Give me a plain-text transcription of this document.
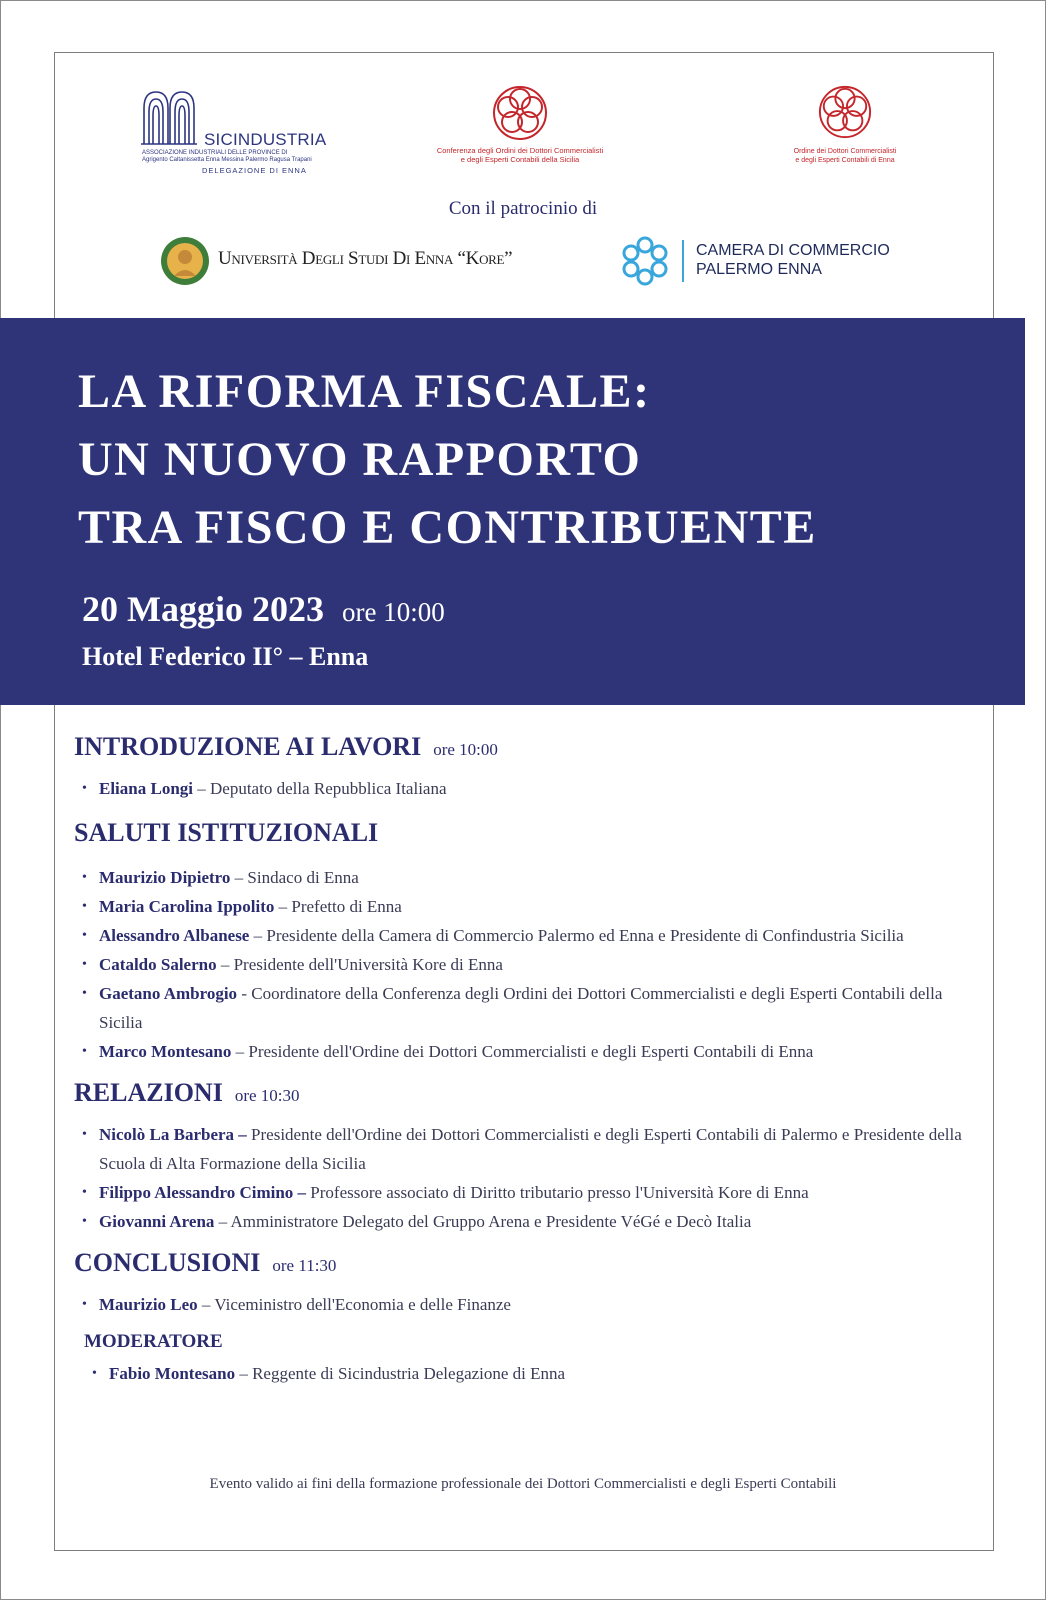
SICINDUSTRIA
ASSOCIAZIONE INDUSTRIALI DELLE PROVINCE DI
Agrigento Caltanissetta Enna Messina Palermo Ragusa Trapani
DELEGAZIONE DI ENNA
Conferenza degli Ordini dei Dottori Commercialisti
e degli Esperti Contabili della Sicilia
Ordine dei Dottori Commercialisti
e degli Esperti Contabili di Enna
Con il patrocinio di
Università Degli Studi Di Enna “Kore”	CAMERA DI COMMERCIO
PALERMO ENNA
LA RIFORMA FISCALE:
UN NUOVO RAPPORTO
TRA FISCO E CONTRIBUENTE
20 Maggio 2023 ore 10:00
Hotel Federico II° – Enna
INTRODUZIONE AI LAVORI ore 10:00
• Eliana Longi – Deputato della Repubblica Italiana
SALUTI ISTITUZIONALI
• Maurizio Dipietro – Sindaco di Enna
• Maria Carolina Ippolito – Prefetto di Enna
• Alessandro Albanese – Presidente della Camera di Commercio Palermo ed Enna e Presidente di Confindustria Sicilia
• Cataldo Salerno – Presidente dell'Università Kore di Enna
• Gaetano Ambrogio - Coordinatore della Conferenza degli Ordini dei Dottori Commercialisti e degli Esperti Contabili della Sicilia
• Marco Montesano – Presidente dell'Ordine dei Dottori Commercialisti e degli Esperti Contabili di Enna
RELAZIONI ore 10:30
• Nicolò La Barbera – Presidente dell'Ordine dei Dottori Commercialisti e degli Esperti Contabili di Palermo e Presidente della Scuola di Alta Formazione della Sicilia
• Filippo Alessandro Cimino – Professore associato di Diritto tributario presso l'Università Kore di Enna
• Giovanni Arena – Amministratore Delegato del Gruppo Arena e Presidente VéGé e Decò Italia
CONCLUSIONI ore 11:30
• Maurizio Leo – Viceministro dell'Economia e delle Finanze
MODERATORE
• Fabio Montesano – Reggente di Sicindustria Delegazione di Enna
Evento valido ai fini della formazione professionale dei Dottori Commercialisti e degli Esperti Contabili
